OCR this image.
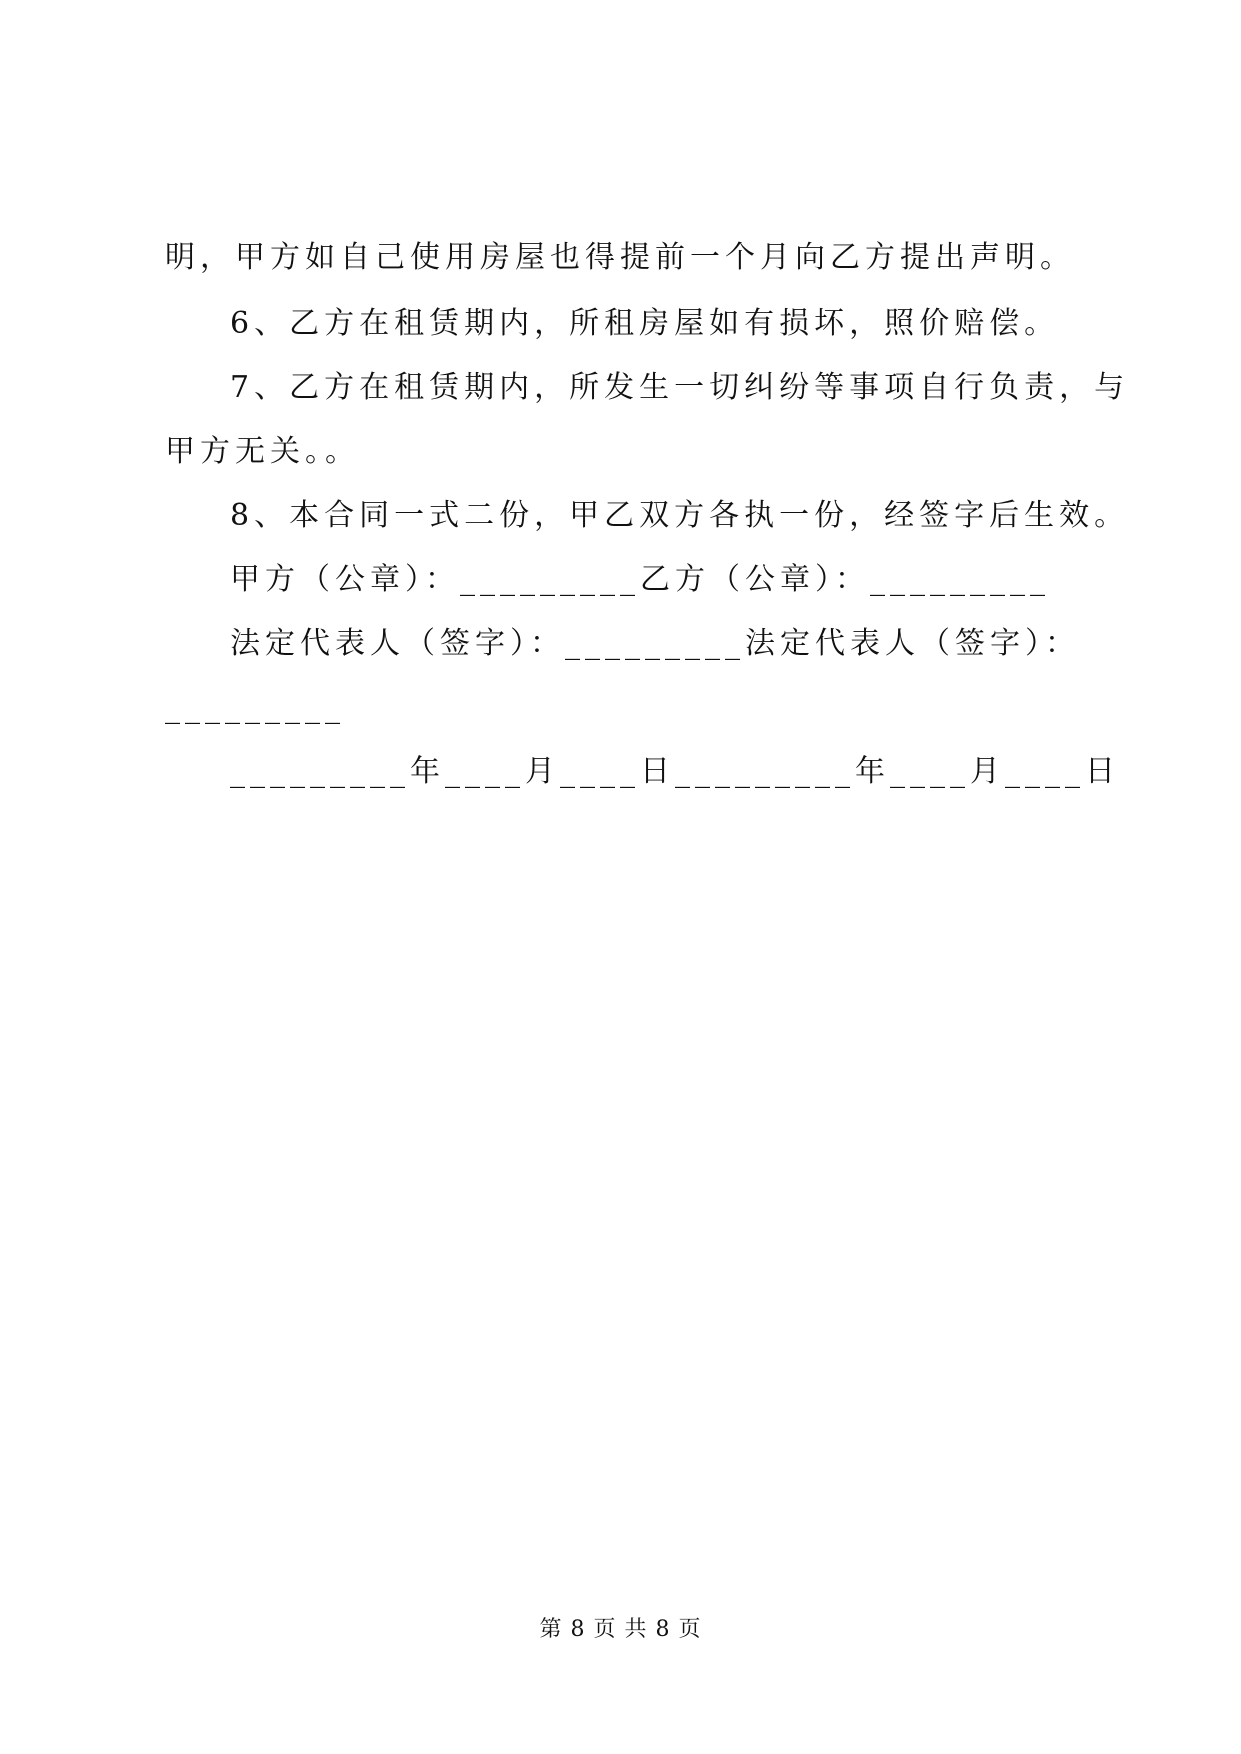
明，甲方如自己使用房屋也得提前一个月向乙方提出声明。
6、乙方在租赁期内，所租房屋如有损坏，照价赔偿。
7、乙方在租赁期内，所发生一切纠纷等事项自行负责，与
甲方无关。。
8、本合同一式二份，甲乙双方各执一份，经签字后生效。
甲方（公章）：_________乙方（公章）：_________
法定代表人（签字）：_________法定代表人（签字）：
_________
_________年____月____日_________年____月____日
第 8 页 共 8 页
